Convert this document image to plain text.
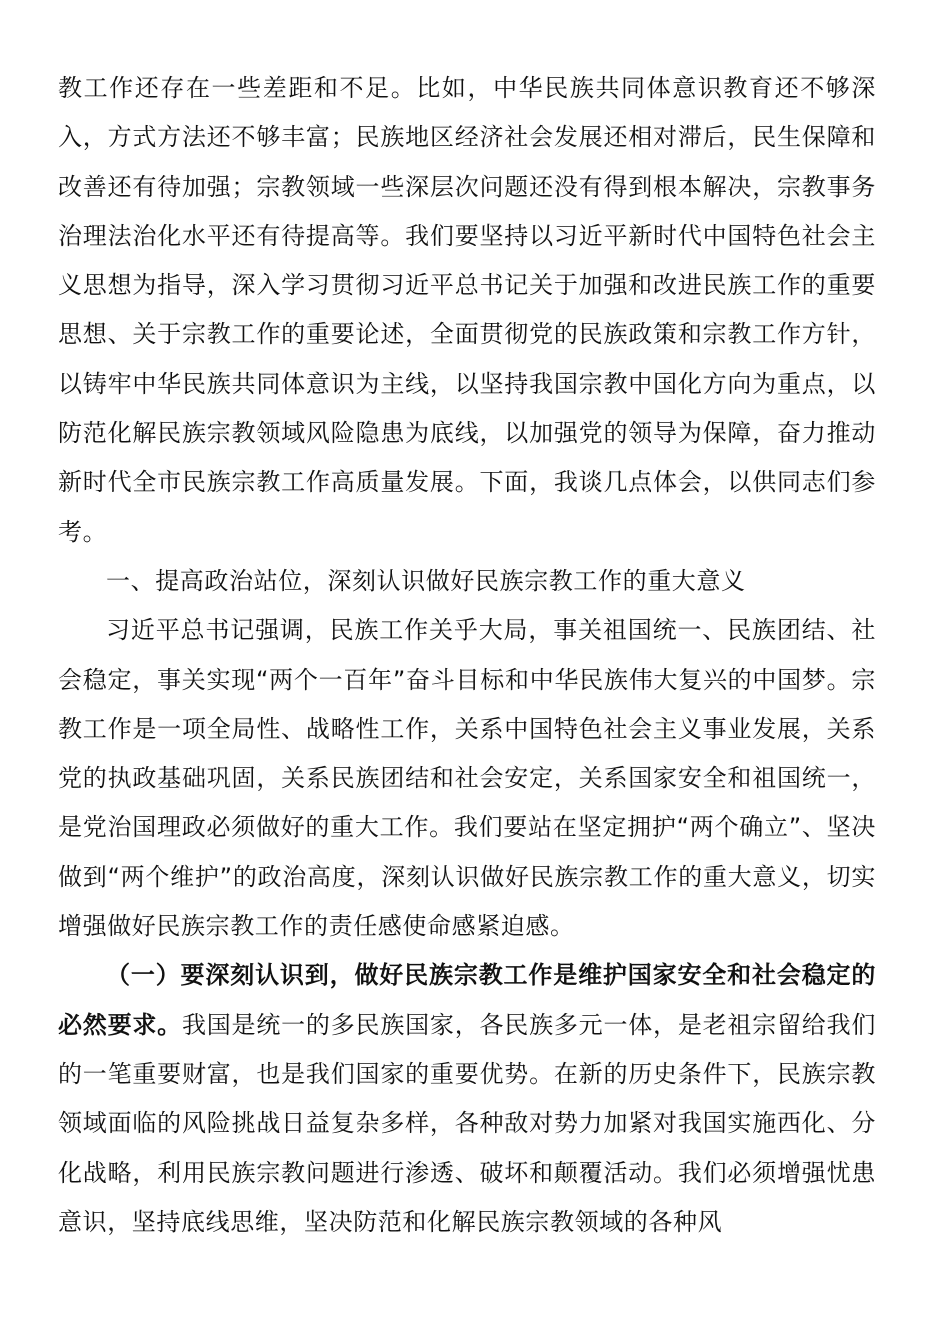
教工作还存在一些差距和不足。比如，中华民族共同体意识教育还不够深入，方式方法还不够丰富；民族地区经济社会发展还相对滞后，民生保障和改善还有待加强；宗教领域一些深层次问题还没有得到根本解决，宗教事务治理法治化水平还有待提高等。我们要坚持以习近平新时代中国特色社会主义思想为指导，深入学习贯彻习近平总书记关于加强和改进民族工作的重要思想、关于宗教工作的重要论述，全面贯彻党的民族政策和宗教工作方针，以铸牢中华民族共同体意识为主线，以坚持我国宗教中国化方向为重点，以防范化解民族宗教领域风险隐患为底线，以加强党的领导为保障，奋力推动新时代全市民族宗教工作高质量发展。下面，我谈几点体会，以供同志们参考。

一、提高政治站位，深刻认识做好民族宗教工作的重大意义

习近平总书记强调，民族工作关乎大局，事关祖国统一、民族团结、社会稳定，事关实现“两个一百年”奋斗目标和中华民族伟大复兴的中国梦。宗教工作是一项全局性、战略性工作，关系中国特色社会主义事业发展，关系党的执政基础巩固，关系民族团结和社会安定，关系国家安全和祖国统一，是党治国理政必须做好的重大工作。我们要站在坚定拥护“两个确立”、坚决做到“两个维护”的政治高度，深刻认识做好民族宗教工作的重大意义，切实增强做好民族宗教工作的责任感使命感紧迫感。

（一）要深刻认识到，做好民族宗教工作是维护国家安全和社会稳定的必然要求。我国是统一的多民族国家，各民族多元一体，是老祖宗留给我们的一笔重要财富，也是我们国家的重要优势。在新的历史条件下，民族宗教领域面临的风险挑战日益复杂多样，各种敌对势力加紧对我国实施西化、分化战略，利用民族宗教问题进行渗透、破坏和颠覆活动。我们必须增强忧患意识，坚持底线思维，坚决防范和化解民族宗教领域的各种风
